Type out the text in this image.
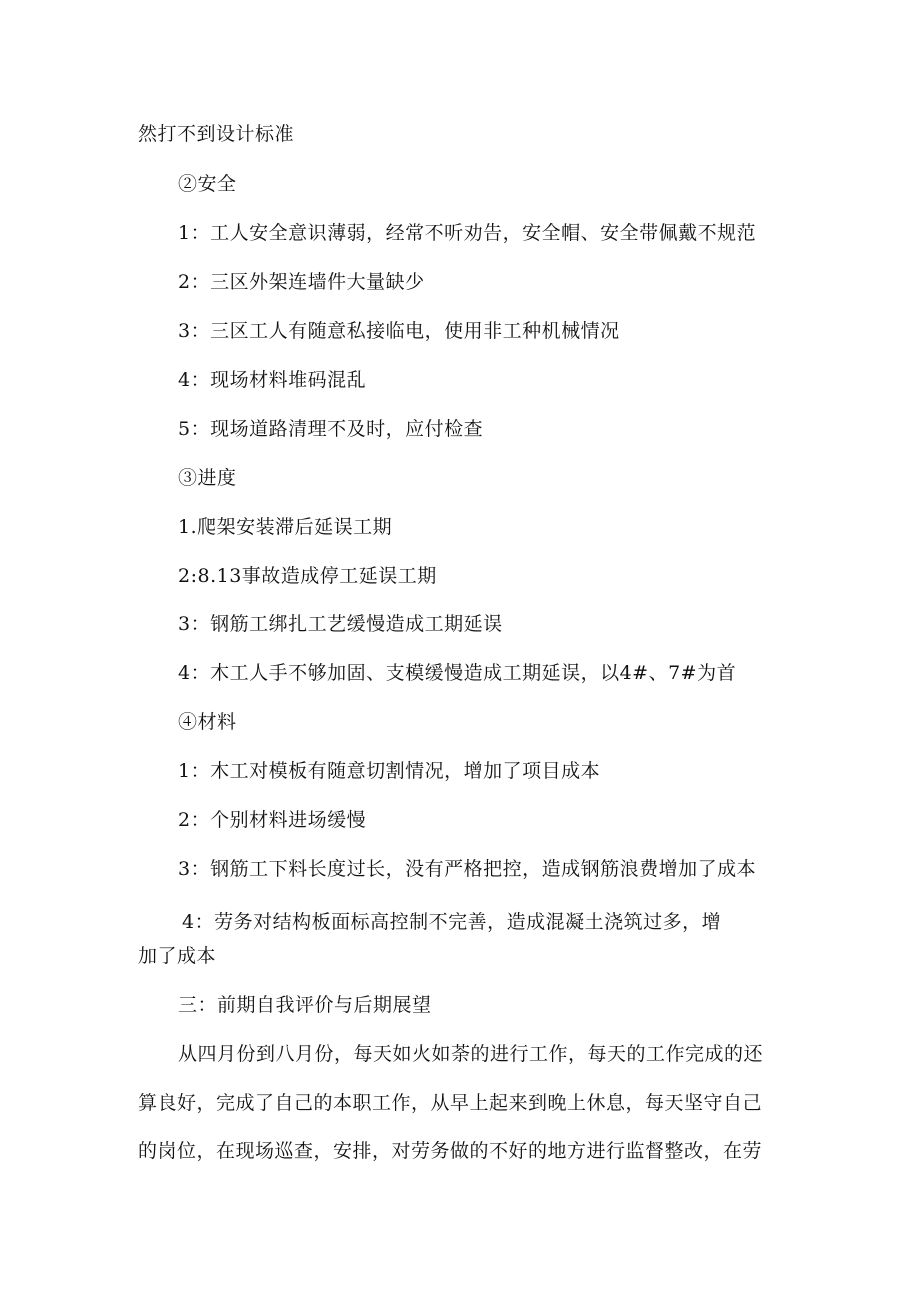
然打不到设计标准
②安全
1：工人安全意识薄弱，经常不听劝告，安全帽、安全带佩戴不规范
2：三区外架连墙件大量缺少
3：三区工人有随意私接临电，使用非工种机械情况
4：现场材料堆码混乱
5：现场道路清理不及时，应付检查
③进度
1.爬架安装滞后延误工期
2:8.13事故造成停工延误工期
3：钢筋工绑扎工艺缓慢造成工期延误
4：木工人手不够加固、支模缓慢造成工期延误，以4#、7#为首
④材料
1：木工对模板有随意切割情况，增加了项目成本
2：个别材料进场缓慢
3：钢筋工下料长度过长，没有严格把控，造成钢筋浪费增加了成本
4：劳务对结构板面标高控制不完善，造成混凝土浇筑过多，增
加了成本
三：前期自我评价与后期展望
从四月份到八月份，每天如火如荼的进行工作，每天的工作完成的还
算良好，完成了自己的本职工作，从早上起来到晚上休息，每天坚守自己
的岗位，在现场巡查，安排，对劳务做的不好的地方进行监督整改，在劳
